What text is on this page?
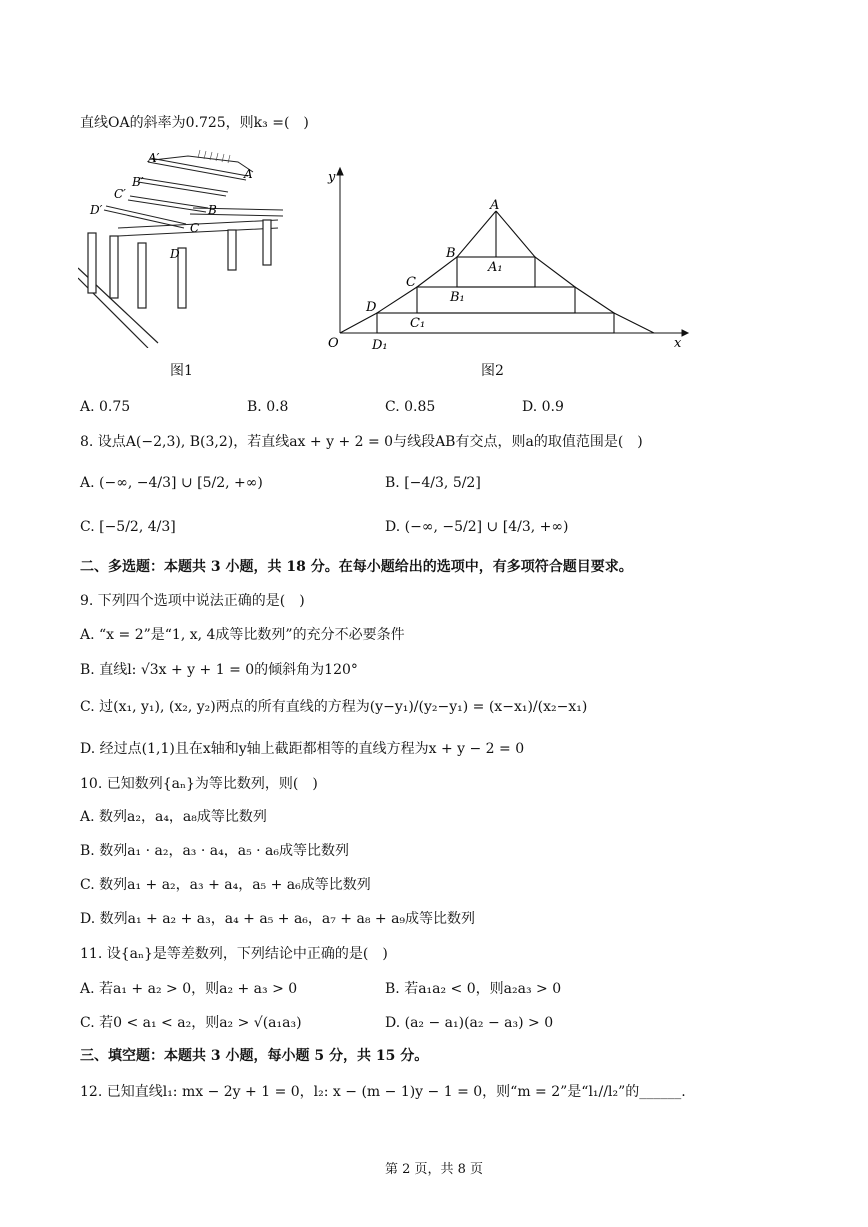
直线OA的斜率为0.725，则k₃ =(　)
A′
B′
C′
D′
A
B
C
D
图1
y
x
O
A
B
C
D
A₁
B₁
C₁
D₁
图2
A. 0.75	B. 0.8	C. 0.85	D. 0.9
8. 设点A(−2,3), B(3,2)，若直线ax + y + 2 = 0与线段AB有交点，则a的取值范围是(　)
A. (−∞, −4/3] ∪ [5/2, +∞)	B. [−4/3, 5/2]
C. [−5/2, 4/3]	D. (−∞, −5/2] ∪ [4/3, +∞)
二、多选题：本题共 3 小题，共 18 分。在每小题给出的选项中，有多项符合题目要求。
9. 下列四个选项中说法正确的是(　)
A. “x = 2”是“1, x, 4成等比数列”的充分不必要条件
B. 直线l: √3x + y + 1 = 0的倾斜角为120°
C. 过(x₁, y₁), (x₂, y₂)两点的所有直线的方程为(y−y₁)/(y₂−y₁) = (x−x₁)/(x₂−x₁)
D. 经过点(1,1)且在x轴和y轴上截距都相等的直线方程为x + y − 2 = 0
10. 已知数列{aₙ}为等比数列，则(　)
A. 数列a₂，a₄，a₈成等比数列
B. 数列a₁ · a₂，a₃ · a₄，a₅ · a₆成等比数列
C. 数列a₁ + a₂，a₃ + a₄，a₅ + a₆成等比数列
D. 数列a₁ + a₂ + a₃，a₄ + a₅ + a₆，a₇ + a₈ + a₉成等比数列
11. 设{aₙ}是等差数列，下列结论中正确的是(　)
A. 若a₁ + a₂ > 0，则a₂ + a₃ > 0	B. 若a₁a₂ < 0，则a₂a₃ > 0
C. 若0 < a₁ < a₂，则a₂ > √(a₁a₃)	D. (a₂ − a₁)(a₂ − a₃) > 0
三、填空题：本题共 3 小题，每小题 5 分，共 15 分。
12. 已知直线l₁: mx − 2y + 1 = 0，l₂: x − (m − 1)y − 1 = 0，则“m = 2”是“l₁//l₂”的______.
第 2 页，共 8 页
